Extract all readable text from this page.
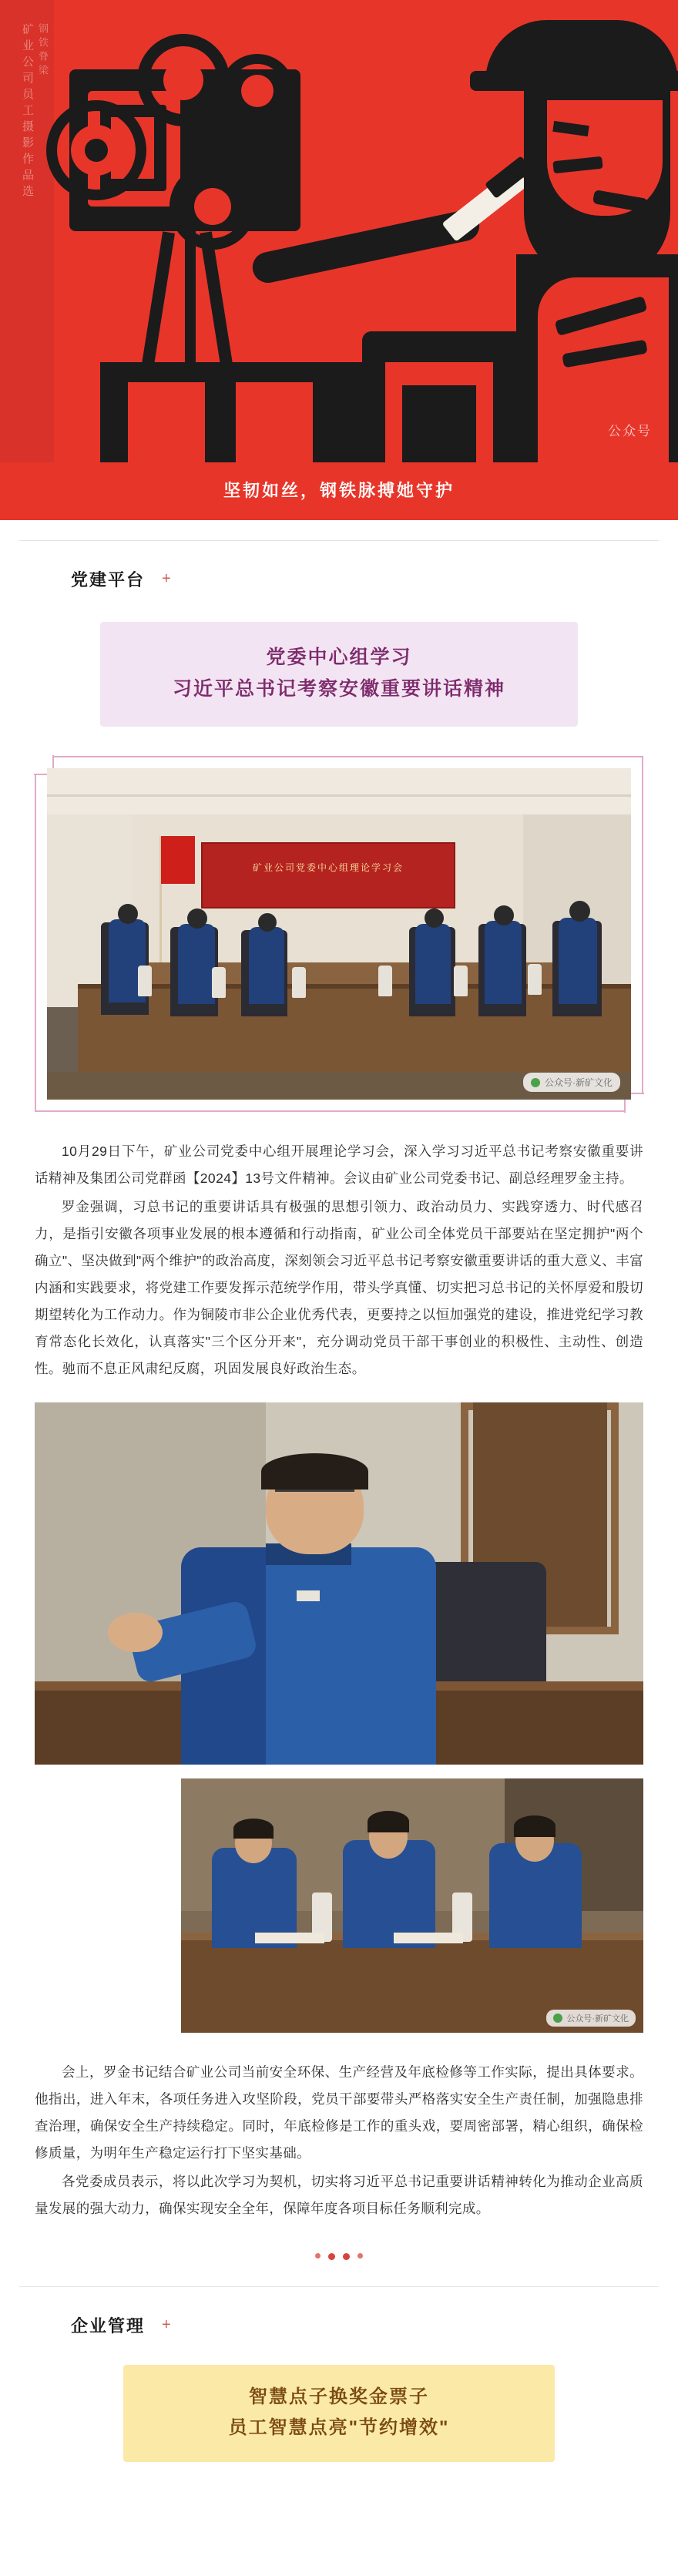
矿业公司员工摄影作品选 钢铁脊梁
公众号
坚韧如丝，钢铁脉搏她守护
党建平台 +
党委中心组学习
习近平总书记考察安徽重要讲话精神
矿业公司党委中心组理论学习会
公众号·新矿文化

10月29日下午，矿业公司党委中心组开展理论学习会，深入学习习近平总书记考察安徽重要讲话精神及集团公司党群函【2024】13号文件精神。会议由矿业公司党委书记、副总经理罗金主持。

罗金强调，习总书记的重要讲话具有极强的思想引领力、政治动员力、实践穿透力、时代感召力，是指引安徽各项事业发展的根本遵循和行动指南，矿业公司全体党员干部要站在坚定拥护"两个确立"、坚决做到"两个维护"的政治高度，深刻领会习近平总书记考察安徽重要讲话的重大意义、丰富内涵和实践要求，将党建工作要发挥示范统学作用，带头学真懂、切实把习总书记的关怀厚爱和殷切期望转化为工作动力。作为铜陵市非公企业优秀代表，更要持之以恒加强党的建设，推进党纪学习教育常态化长效化，认真落实"三个区分开来"，充分调动党员干部干事创业的积极性、主动性、创造性。驰而不息正风肃纪反腐，巩固发展良好政治生态。

公众号·新矿文化

会上，罗金书记结合矿业公司当前安全环保、生产经营及年底检修等工作实际，提出具体要求。他指出，进入年末，各项任务进入攻坚阶段，党员干部要带头严格落实安全生产责任制，加强隐患排查治理，确保安全生产持续稳定。同时，年底检修是工作的重头戏，要周密部署，精心组织，确保检修质量，为明年生产稳定运行打下坚实基础。

各党委成员表示，将以此次学习为契机，切实将习近平总书记重要讲话精神转化为推动企业高质量发展的强大动力，确保实现安全全年，保障年度各项目标任务顺利完成。

企业管理 +
智慧点子换奖金票子
员工智慧点亮"节约增效"
